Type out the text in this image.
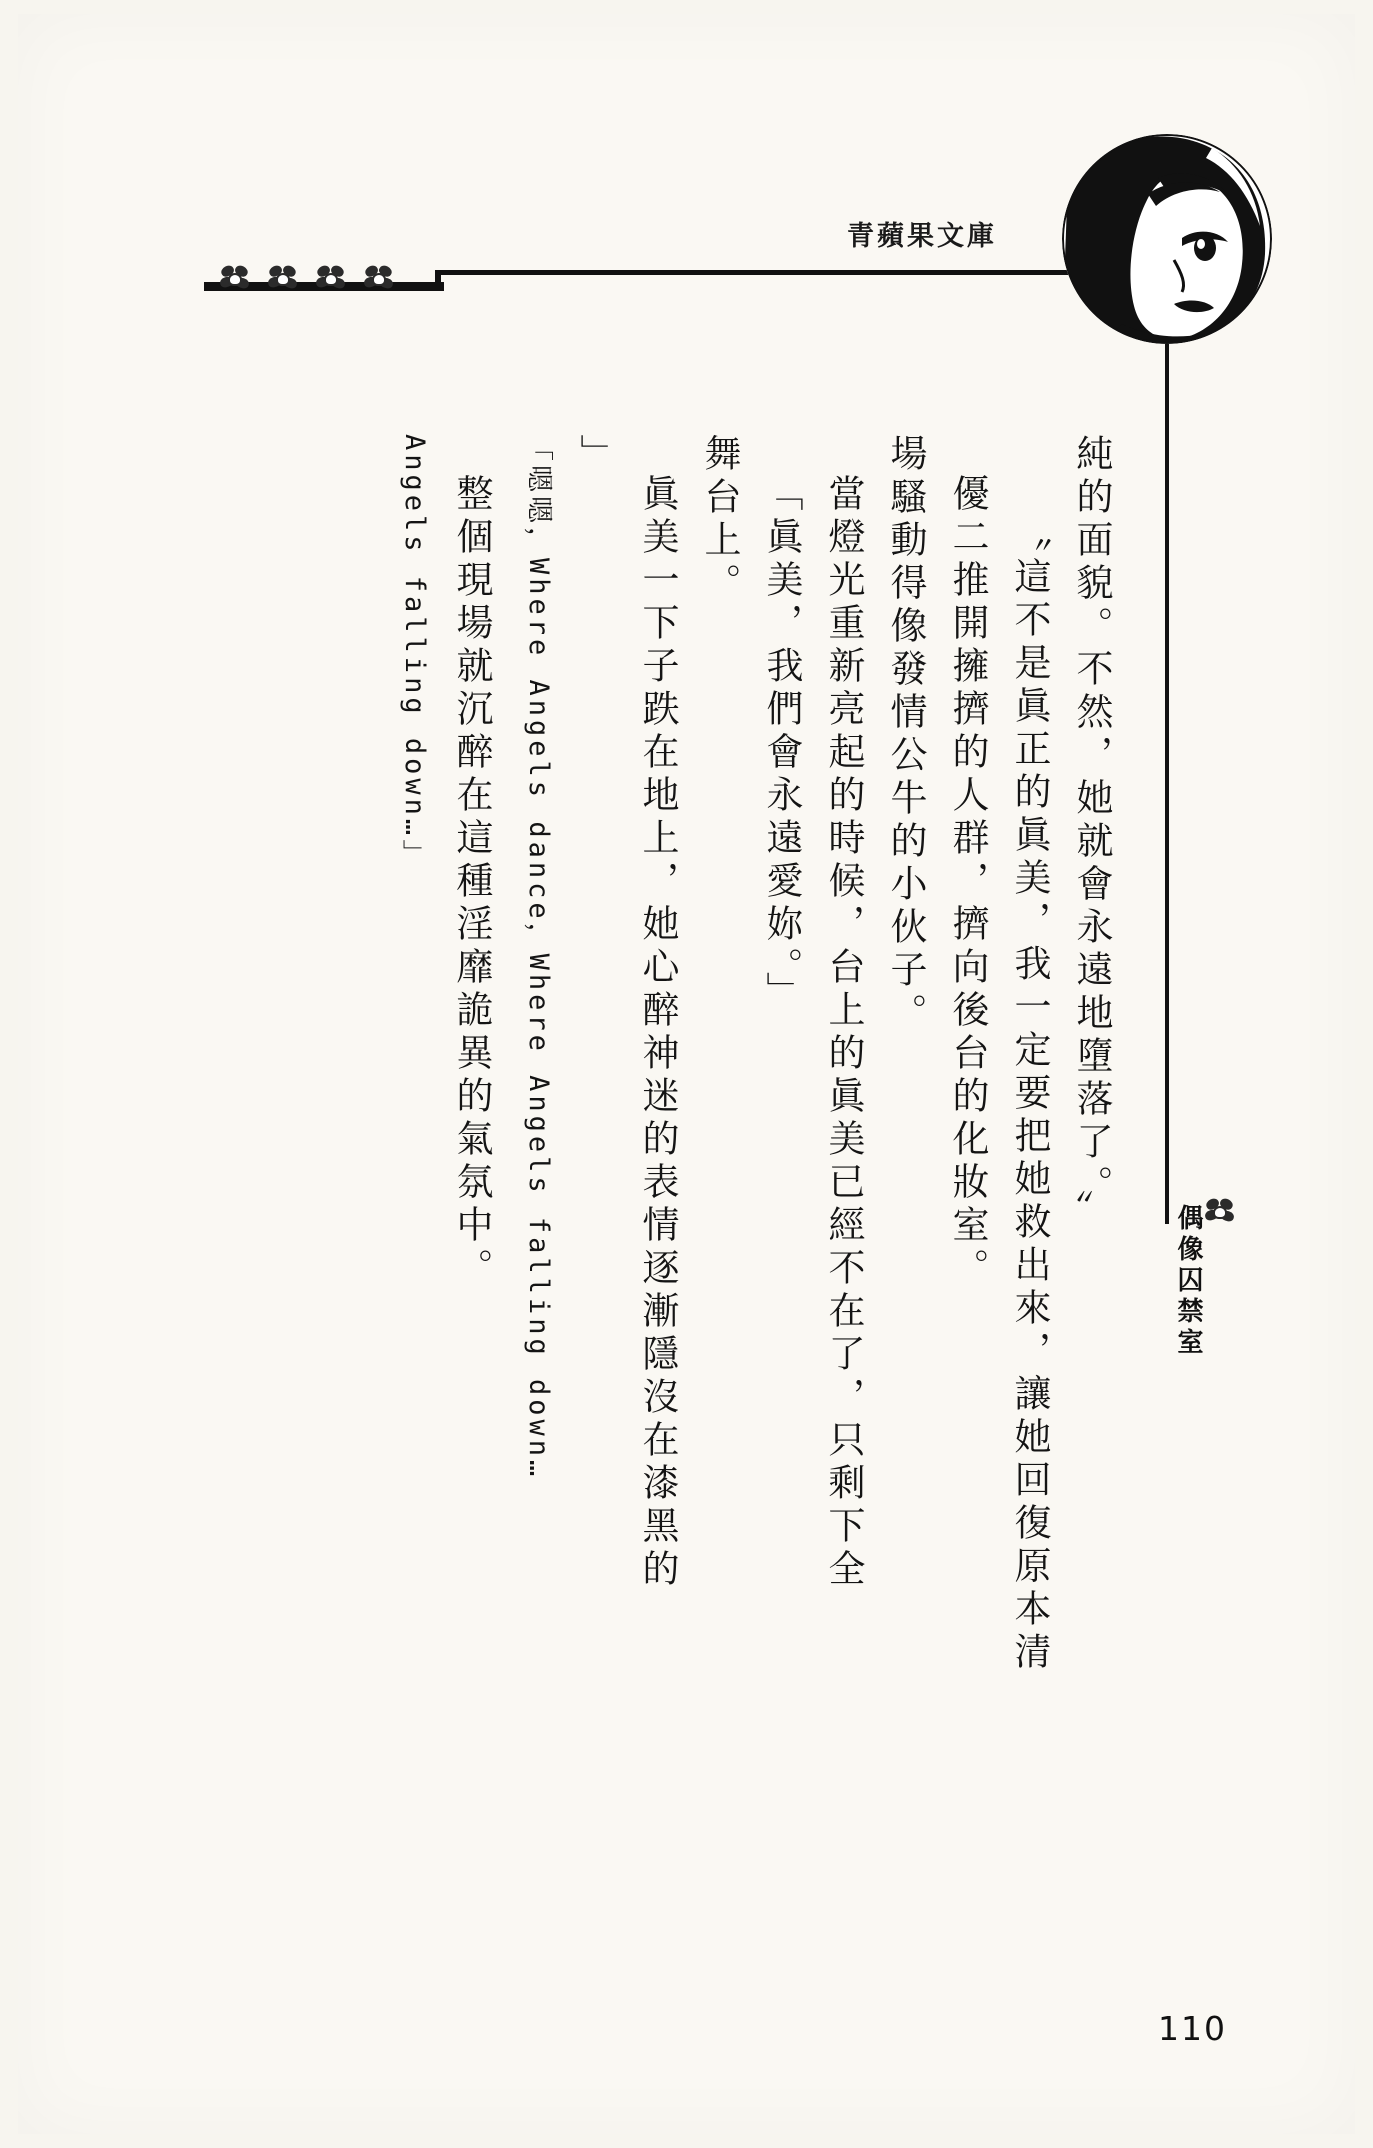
青蘋果文庫
偶像囚禁室
Angels falling down…」 整個現場就沉醉在這種淫靡詭異的氣氛中。	「嗯嗯，Where Angels dance，Where Angels falling down… 」
眞美一下子跌在地上，她心醉神迷的表情逐漸隱沒在漆黑的 舞台上。 「眞美，我們會永遠愛妳。」 當燈光重新亮起的時候，台上的眞美已經不在了，只剩下全 場騷動得像發情公牛的小伙子。 優二推開擁擠的人群，擠向後台的化妝室。 〝這不是眞正的眞美，我一定要把她救出來，讓她回復原本清 純的面貌。不然，她就會永遠地墮落了。〞
110
